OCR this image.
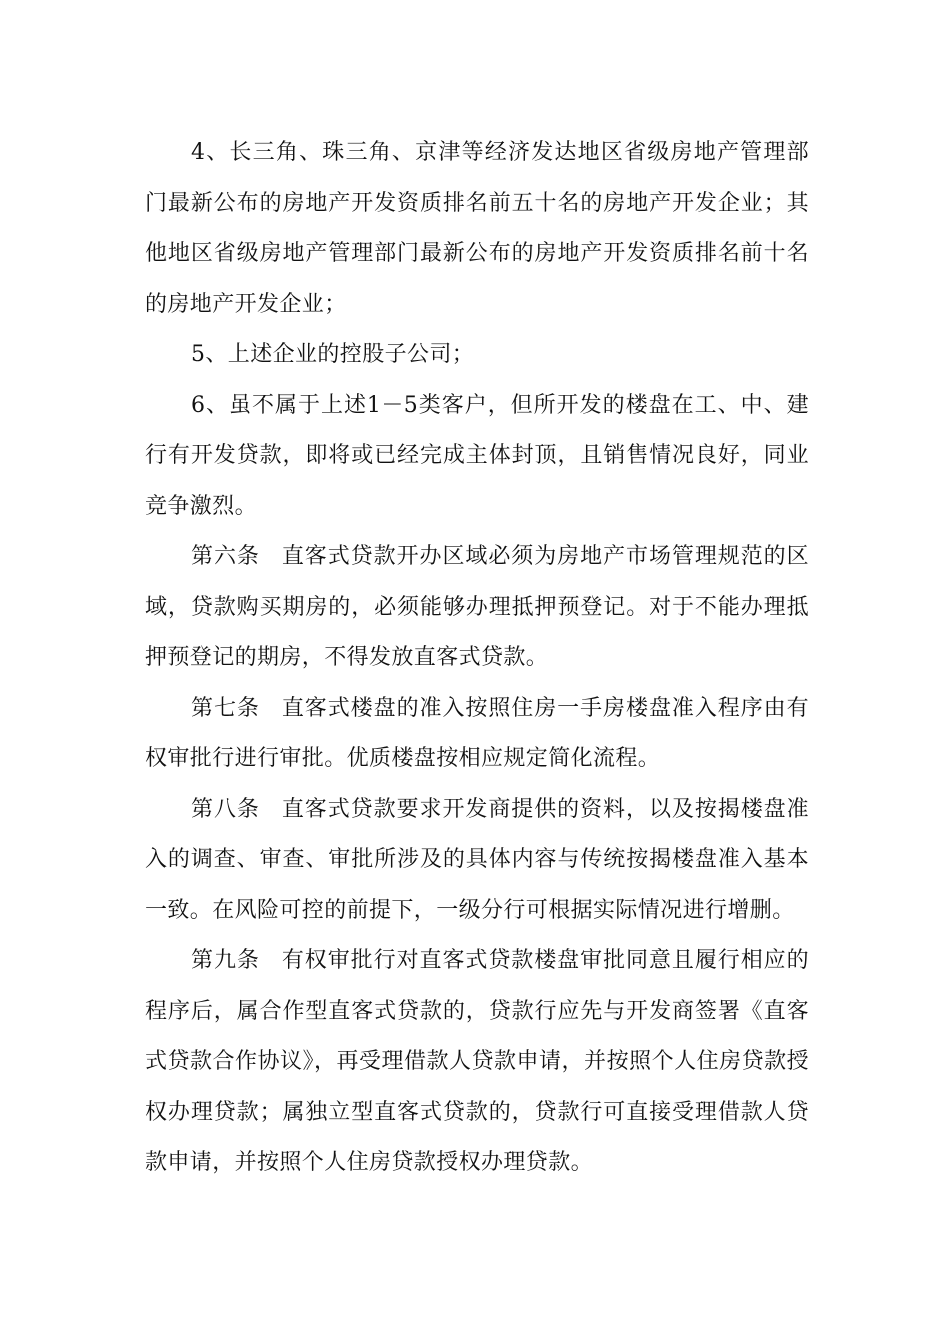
4、长三角、珠三角、京津等经济发达地区省级房地产管理部门最新公布的房地产开发资质排名前五十名的房地产开发企业；其他地区省级房地产管理部门最新公布的房地产开发资质排名前十名的房地产开发企业；

5、上述企业的控股子公司；

6、虽不属于上述1－5类客户，但所开发的楼盘在工、中、建行有开发贷款，即将或已经完成主体封顶，且销售情况良好，同业竞争激烈。

第六条 直客式贷款开办区域必须为房地产市场管理规范的区域，贷款购买期房的，必须能够办理抵押预登记。对于不能办理抵押预登记的期房，不得发放直客式贷款。

第七条 直客式楼盘的准入按照住房一手房楼盘准入程序由有权审批行进行审批。优质楼盘按相应规定简化流程。

第八条 直客式贷款要求开发商提供的资料，以及按揭楼盘准入的调查、审查、审批所涉及的具体内容与传统按揭楼盘准入基本一致。在风险可控的前提下，一级分行可根据实际情况进行增删。

第九条 有权审批行对直客式贷款楼盘审批同意且履行相应的程序后，属合作型直客式贷款的，贷款行应先与开发商签署《直客式贷款合作协议》，再受理借款人贷款申请，并按照个人住房贷款授权办理贷款；属独立型直客式贷款的，贷款行可直接受理借款人贷款申请，并按照个人住房贷款授权办理贷款。
